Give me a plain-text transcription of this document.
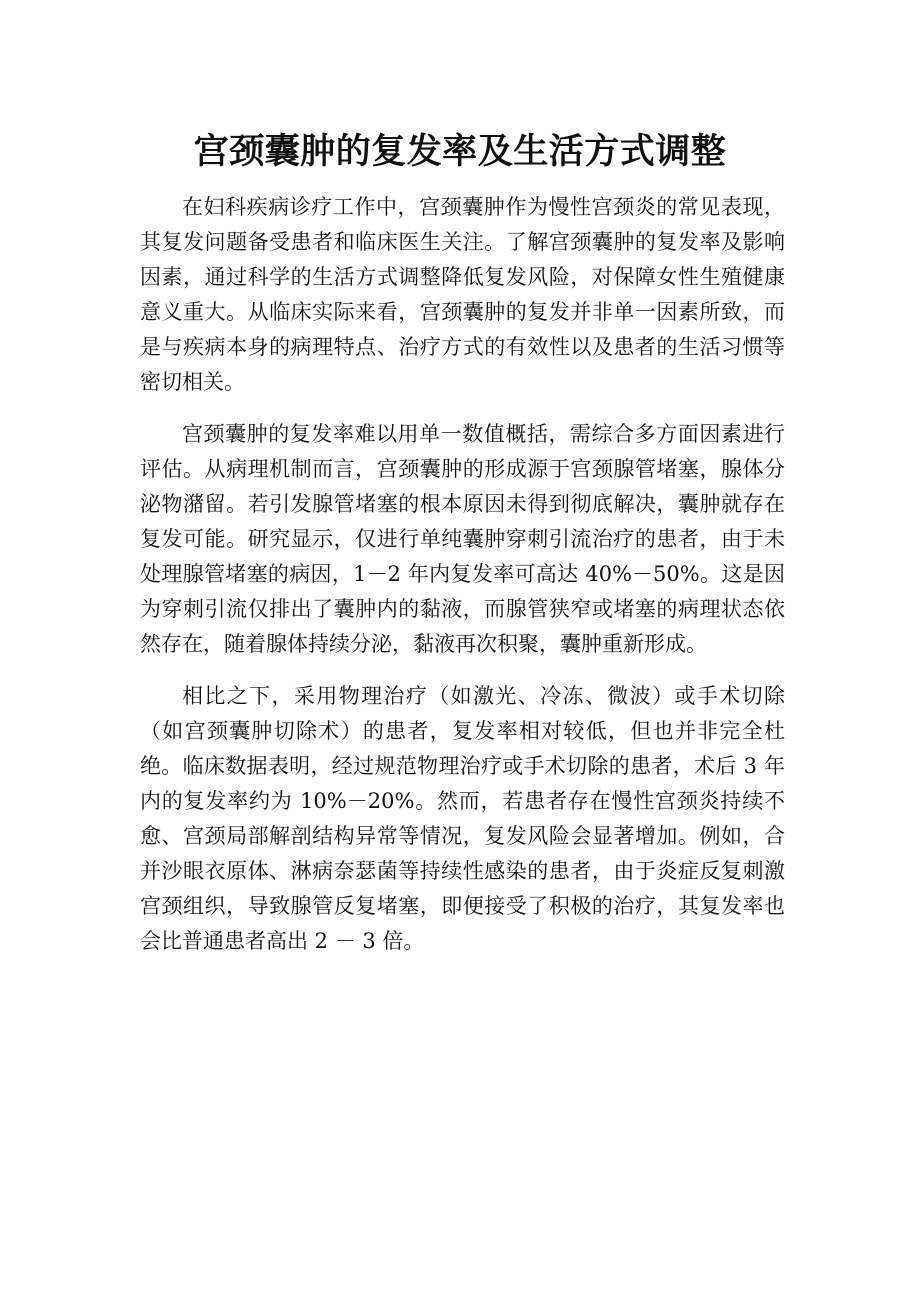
宫颈囊肿的复发率及生活方式调整

在妇科疾病诊疗工作中，宫颈囊肿作为慢性宫颈炎的常见表现，其复发问题备受患者和临床医生关注。了解宫颈囊肿的复发率及影响因素，通过科学的生活方式调整降低复发风险，对保障女性生殖健康意义重大。从临床实际来看，宫颈囊肿的复发并非单一因素所致，而是与疾病本身的病理特点、治疗方式的有效性以及患者的生活习惯等密切相关。

宫颈囊肿的复发率难以用单一数值概括，需综合多方面因素进行评估。从病理机制而言，宫颈囊肿的形成源于宫颈腺管堵塞，腺体分泌物潴留。若引发腺管堵塞的根本原因未得到彻底解决，囊肿就存在复发可能。研究显示，仅进行单纯囊肿穿刺引流治疗的患者，由于未处理腺管堵塞的病因，1－2 年内复发率可高达 40%－50%。这是因为穿刺引流仅排出了囊肿内的黏液，而腺管狭窄或堵塞的病理状态依然存在，随着腺体持续分泌，黏液再次积聚，囊肿重新形成。

相比之下，采用物理治疗（如激光、冷冻、微波）或手术切除（如宫颈囊肿切除术）的患者，复发率相对较低，但也并非完全杜绝。临床数据表明，经过规范物理治疗或手术切除的患者，术后 3 年内的复发率约为 10%－20%。然而，若患者存在慢性宫颈炎持续不愈、宫颈局部解剖结构异常等情况，复发风险会显著增加。例如，合并沙眼衣原体、淋病奈瑟菌等持续性感染的患者，由于炎症反复刺激宫颈组织，导致腺管反复堵塞，即便接受了积极的治疗，其复发率也会比普通患者高出 2 － 3 倍。
